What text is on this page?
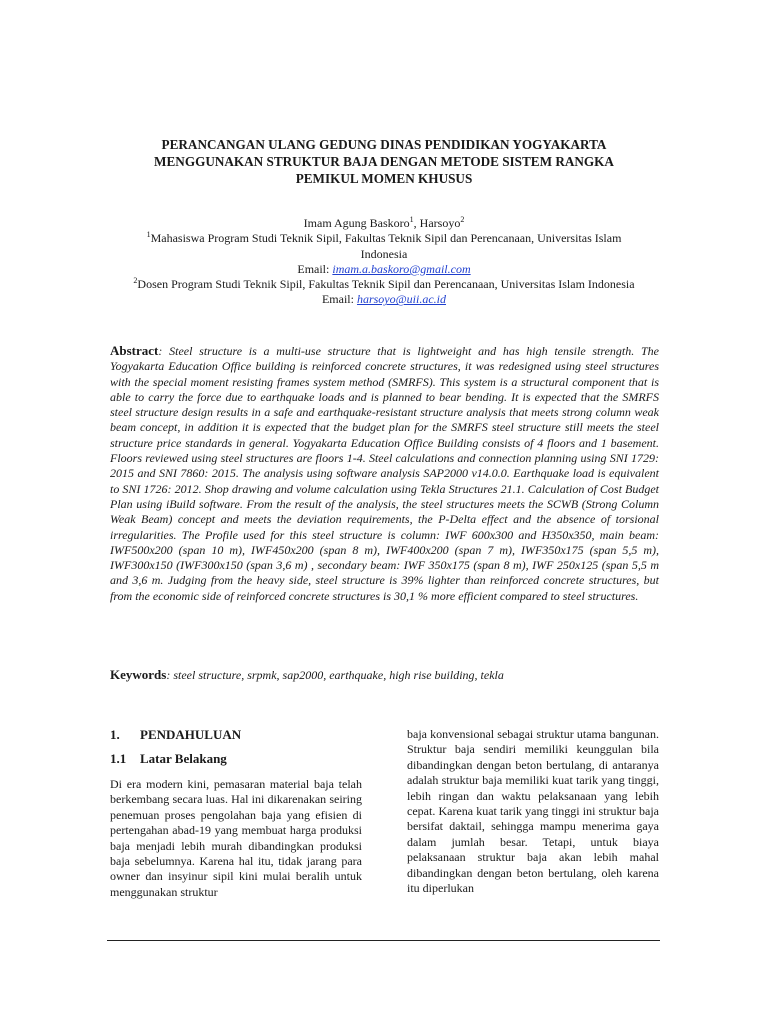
PERANCANGAN ULANG GEDUNG DINAS PENDIDIKAN YOGYAKARTA
MENGGUNAKAN STRUKTUR BAJA DENGAN METODE SISTEM RANGKA
PEMIKUL MOMEN KHUSUS
Imam Agung Baskoro$^1$, Harsoyo$^2$
$^1$Mahasiswa Program Studi Teknik Sipil, Fakultas Teknik Sipil dan Perencanaan, Universitas Islam
Indonesia
Email: imam.a.baskoro@gmail.com
$^2$Dosen Program Studi Teknik Sipil, Fakultas Teknik Sipil dan Perencanaan, Universitas Islam Indonesia
Email: harsoyo@uii.ac.id

Abstract: Steel structure is a multi-use structure that is lightweight and has high tensile strength. The Yogyakarta Education Office building is reinforced concrete structures, it was redesigned using steel structures with the special moment resisting frames system method (SMRFS). This system is a structural component that is able to carry the force due to earthquake loads and is planned to bear bending. It is expected that the SMRFS steel structure design results in a safe and earthquake-resistant structure analysis that meets strong column weak beam concept, in addition it is expected that the budget plan for the SMRFS steel structure still meets the steel structure price standards in general. Yogyakarta Education Office Building consists of 4 floors and 1 basement. Floors reviewed using steel structures are floors 1-4. Steel calculations and connection planning using SNI 1729: 2015 and SNI 7860: 2015. The analysis using software analysis SAP2000 v14.0.0. Earthquake load is equivalent to SNI 1726: 2012. Shop drawing and volume calculation using Tekla Structures 21.1. Calculation of Cost Budget Plan using iBuild software. From the result of the analysis, the steel structures meets the SCWB (Strong Column Weak Beam) concept and meets the deviation requirements, the P-Delta effect and the absence of torsional irregularities. The Profile used for this steel structure is column: IWF 600x300 and H350x350, main beam: IWF500x200 (span 10 m), IWF450x200 (span 8 m), IWF400x200 (span 7 m), IWF350x175 (span 5,5 m), IWF300x150 (IWF300x150 (span 3,6 m) , secondary beam: IWF 350x175 (span 8 m), IWF 250x125 (span 5,5 m and 3,6 m. Judging from the heavy side, steel structure is 39% lighter than reinforced concrete structures, but from the economic side of reinforced concrete structures is 30,1 % more efficient compared to steel structures.

Keywords: steel structure, srpmk, sap2000, earthquake, high rise building, tekla

1. PENDAHULUAN
1.1 Latar Belakang

Di era modern kini, pemasaran material baja telah berkembang secara luas. Hal ini dikarenakan seiring penemuan proses pengolahan baja yang efisien di pertengahan abad-19 yang membuat harga produksi baja menjadi lebih murah dibandingkan produksi baja sebelumnya. Karena hal itu, tidak jarang para owner dan insyinur sipil kini mulai beralih untuk menggunakan struktur

baja konvensional sebagai struktur utama bangunan. Struktur baja sendiri memiliki keunggulan bila dibandingkan dengan beton bertulang, di antaranya adalah struktur baja memiliki kuat tarik yang tinggi, lebih ringan dan waktu pelaksanaan yang lebih cepat. Karena kuat tarik yang tinggi ini struktur baja bersifat daktail, sehingga mampu menerima gaya dalam jumlah besar. Tetapi, untuk biaya pelaksanaan struktur baja akan lebih mahal dibandingkan dengan beton bertulang, oleh karena itu diperlukan
